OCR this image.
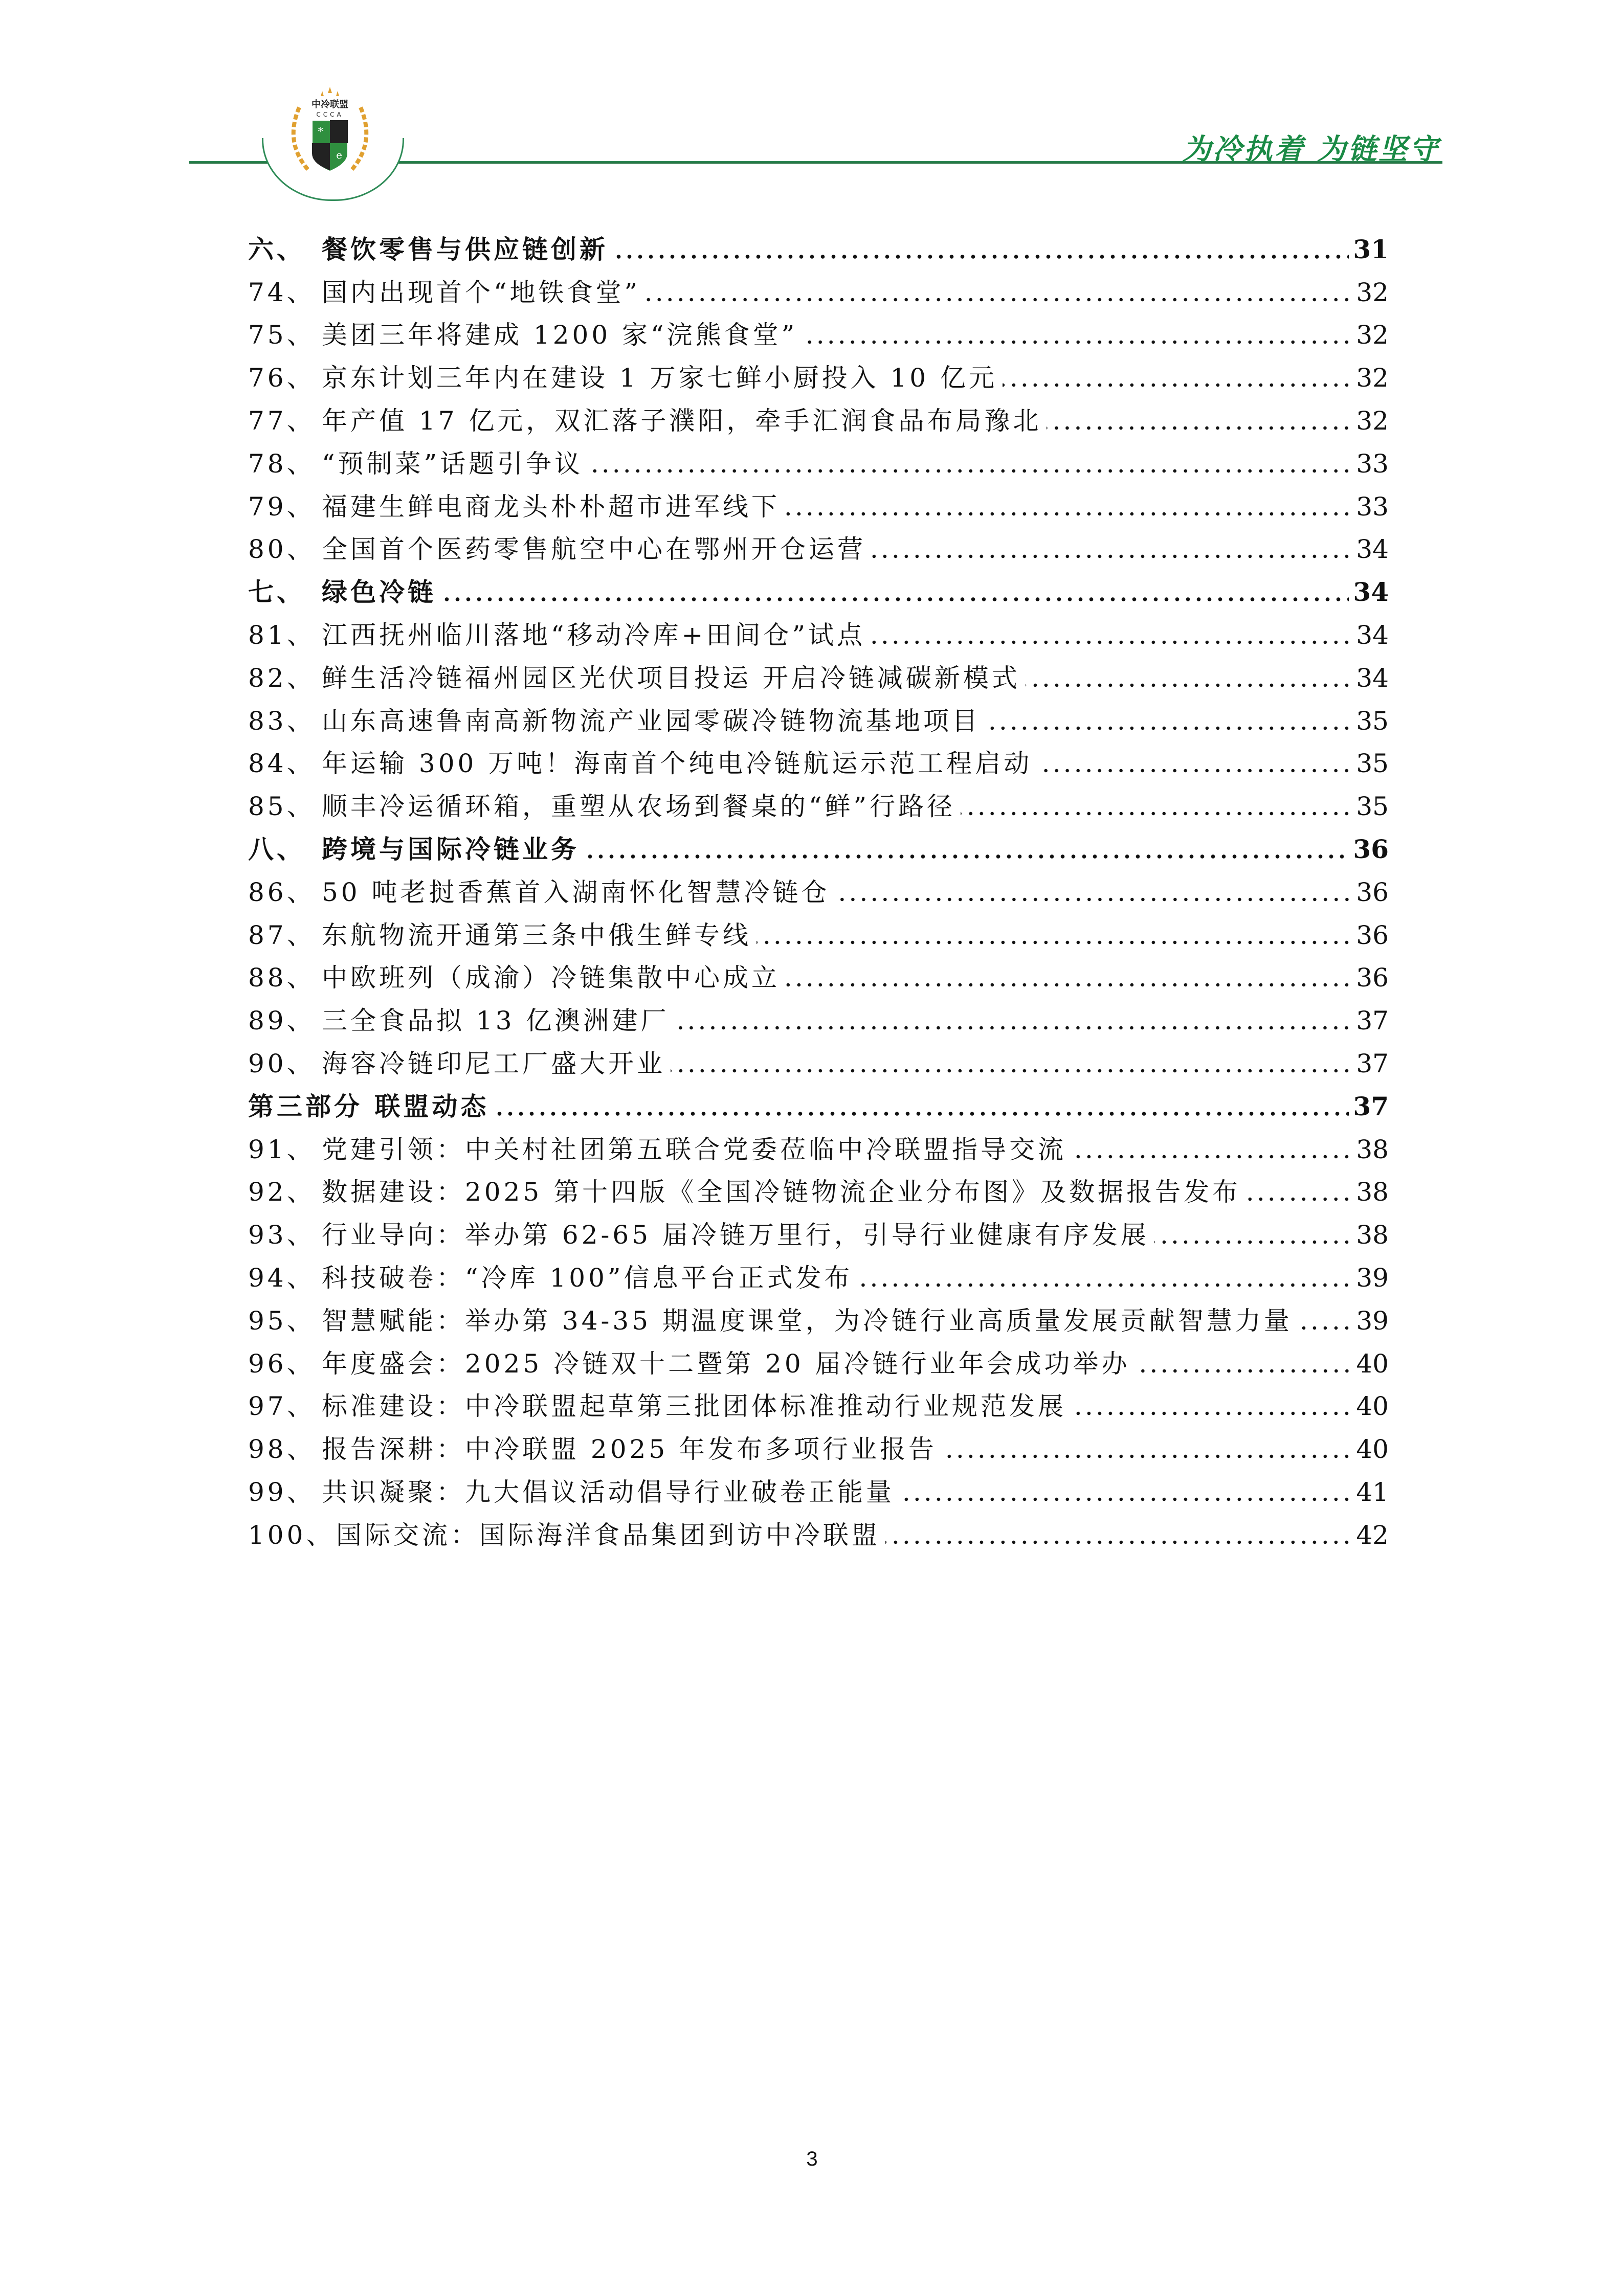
中冷联盟
CCCA
*
e	为冷执着 为链坚守
六、 餐饮零售与供应链创新	31
74、 国内出现首个“地铁食堂”	32
75、 美团三年将建成 1200 家“浣熊食堂”	32
76、 京东计划三年内在建设 1 万家七鲜小厨投入 10 亿元	32
77、 年产值 17 亿元，双汇落子濮阳，牵手汇润食品布局豫北	32
78、 “预制菜”话题引争议	33
79、 福建生鲜电商龙头朴朴超市进军线下	33
80、 全国首个医药零售航空中心在鄂州开仓运营	34
七、 绿色冷链	34
81、 江西抚州临川落地“移动冷库+田间仓”试点	34
82、 鲜生活冷链福州园区光伏项目投运 开启冷链减碳新模式	34
83、 山东高速鲁南高新物流产业园零碳冷链物流基地项目	35
84、 年运输 300 万吨！海南首个纯电冷链航运示范工程启动	35
85、 顺丰冷运循环箱，重塑从农场到餐桌的“鲜”行路径	35
八、 跨境与国际冷链业务	36
86、 50 吨老挝香蕉首入湖南怀化智慧冷链仓	36
87、 东航物流开通第三条中俄生鲜专线	36
88、 中欧班列（成渝）冷链集散中心成立	36
89、 三全食品拟 13 亿澳洲建厂	37
90、 海容冷链印尼工厂盛大开业	37
第三部分 联盟动态	37
91、 党建引领：中关村社团第五联合党委莅临中冷联盟指导交流	38
92、 数据建设：2025 第十四版《全国冷链物流企业分布图》及数据报告发布	38
93、 行业导向：举办第 62-65 届冷链万里行，引导行业健康有序发展	38
94、 科技破卷：“冷库 100”信息平台正式发布	39
95、 智慧赋能：举办第 34-35 期温度课堂，为冷链行业高质量发展贡献智慧力量 39
96、 年度盛会：2025 冷链双十二暨第 20 届冷链行业年会成功举办	40
97、 标准建设：中冷联盟起草第三批团体标准推动行业规范发展	40
98、 报告深耕：中冷联盟 2025 年发布多项行业报告	40
99、 共识凝聚：九大倡议活动倡导行业破卷正能量	41
100、 国际交流：国际海洋食品集团到访中冷联盟	42
3
